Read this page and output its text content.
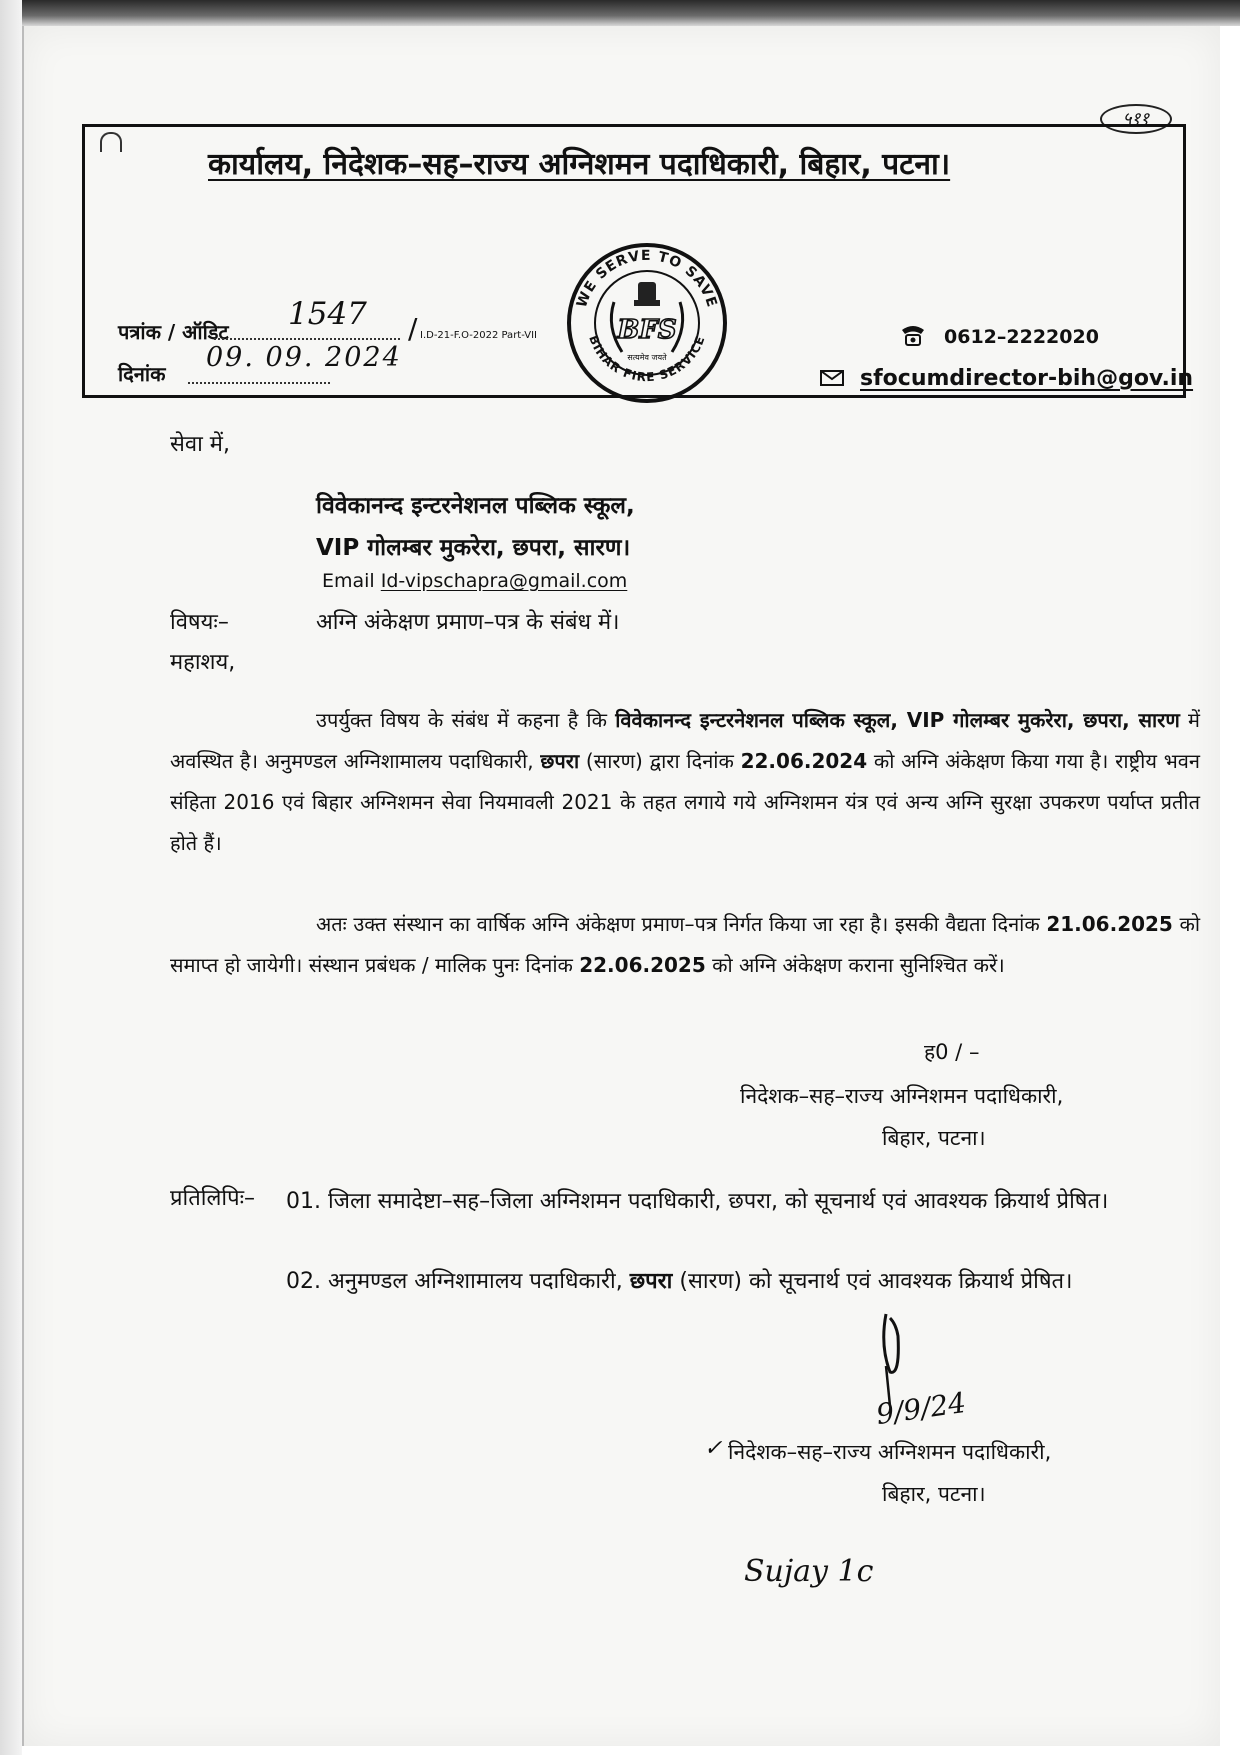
५११
कार्यालय, निदेशक–सह–राज्य अग्निशमन पदाधिकारी, बिहार, पटना।
WE SERVE TO SAVE
BIHAR FIRE SERVICE
BFS
सत्यमेव जयते
पत्रांक / ऑडिट 1547 / I.D-21-F.O-2022 Part-VII
दिनांक
09. 09. 2024
0612–2222020
sfocumdirector-bih@gov.in
सेवा में,
विवेकानन्द इन्टरनेशनल पब्लिक स्कूल,
VIP गोलम्बर मुकरेरा, छपरा, सारण।
Email Id-vipschapra@gmail.com
विषयः–	अग्नि अंकेक्षण प्रमाण–पत्र के संबंध में।
महाशय,
उपर्युक्त विषय के संबंध में कहना है कि विवेकानन्द इन्टरनेशनल पब्लिक स्कूल, VIP गोलम्बर मुकरेरा, छपरा, सारण में अवस्थित है। अनुमण्डल अग्निशामालय पदाधिकारी, छपरा (सारण) द्वारा दिनांक 22.06.2024 को अग्नि अंकेक्षण किया गया है। राष्ट्रीय भवन संहिता 2016 एवं बिहार अग्निशमन सेवा नियमावली 2021 के तहत लगाये गये अग्निशमन यंत्र एवं अन्य अग्नि सुरक्षा उपकरण पर्याप्त प्रतीत होते हैं।
अतः उक्त संस्थान का वार्षिक अग्नि अंकेक्षण प्रमाण–पत्र निर्गत किया जा रहा है। इसकी वैद्यता दिनांक 21.06.2025 को समाप्त हो जायेगी। संस्थान प्रबंधक / मालिक पुनः दिनांक 22.06.2025 को अग्नि अंकेक्षण कराना सुनिश्चित करें।
ह0 / –
निदेशक–सह–राज्य अग्निशमन पदाधिकारी,
बिहार, पटना।
प्रतिलिपिः– 01. जिला समादेष्टा–सह–जिला अग्निशमन पदाधिकारी, छपरा, को सूचनार्थ एवं आवश्यक क्रियार्थ प्रेषित।
02. अनुमण्डल अग्निशामालय पदाधिकारी, छपरा (सारण) को सूचनार्थ एवं आवश्यक क्रियार्थ प्रेषित।
9/9/24
✓ निदेशक–सह–राज्य अग्निशमन पदाधिकारी,
बिहार, पटना।
Sujay 1c
